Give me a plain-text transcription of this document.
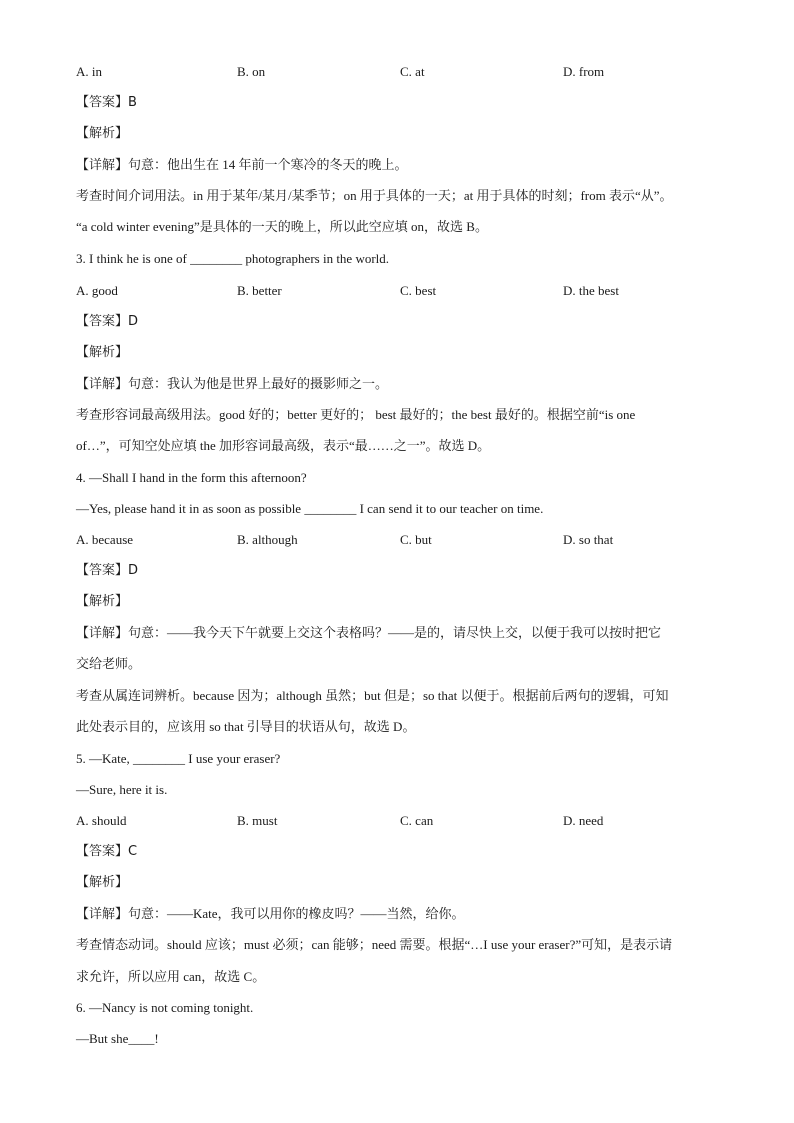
A. in	B. on	C. at	D. from
【答案】B
【解析】
【详解】句意：他出生在 14 年前一个寒冷的冬天的晚上。
考查时间介词用法。in 用于某年/某月/某季节；on 用于具体的一天；at 用于具体的时刻；from 表示“从”。
“a cold winter evening”是具体的一天的晚上，所以此空应填 on，故选 B。
3. I think he is one of ________ photographers in the world.
A. good	B. better	C. best	D. the best
【答案】D
【解析】
【详解】句意：我认为他是世界上最好的摄影师之一。
考查形容词最高级用法。good 好的；better 更好的； best 最好的；the best 最好的。根据空前“is one
of…”，可知空处应填 the 加形容词最高级，表示“最……之一”。故选 D。
4. —Shall I hand in the form this afternoon?
—Yes, please hand it in as soon as possible ________ I can send it to our teacher on time.
A. because	B. although	C. but	D. so that
【答案】D
【解析】
【详解】句意：——我今天下午就要上交这个表格吗？——是的，请尽快上交，以便于我可以按时把它
交给老师。
考查从属连词辨析。because 因为；although 虽然；but 但是；so that 以便于。根据前后两句的逻辑，可知
此处表示目的，应该用 so that 引导目的状语从句，故选 D。
5. —Kate, ________ I use your eraser?
—Sure, here it is.
A. should	B. must	C. can	D. need
【答案】C
【解析】
【详解】句意：——Kate，我可以用你的橡皮吗？——当然，给你。
考查情态动词。should 应该；must 必须；can 能够；need 需要。根据“…I use your eraser?”可知，是表示请
求允许，所以应用 can，故选 C。
6. —Nancy is not coming tonight.
—But she____!
